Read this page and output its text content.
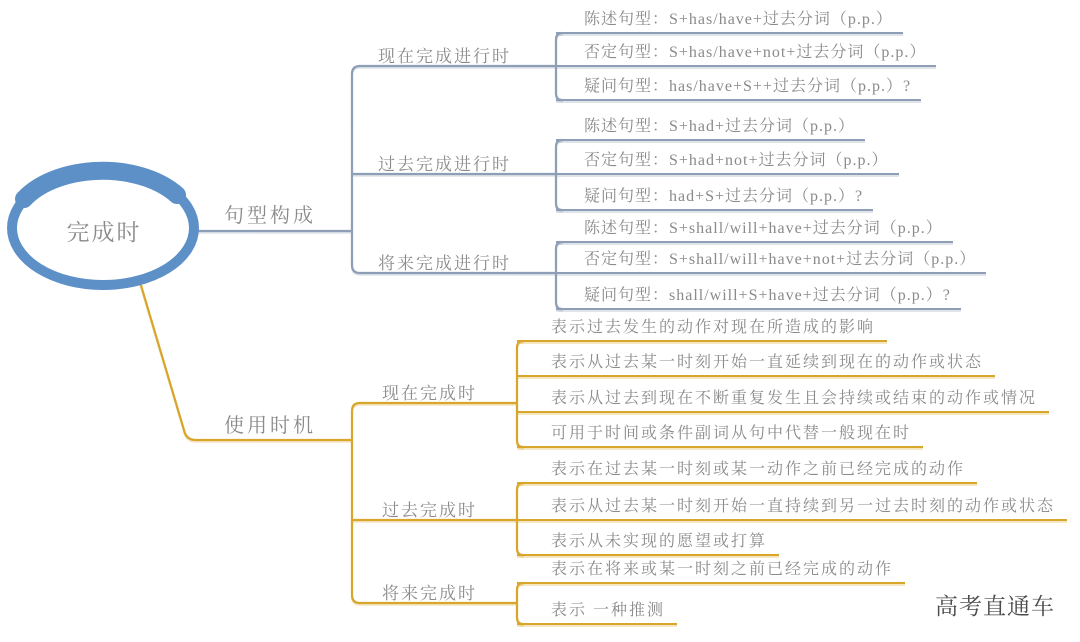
完成时
句型构成
使用时机
现在完成进行时
过去完成进行时
将来完成进行时
陈述句型：S+has/have+过去分词（p.p.）
否定句型：S+has/have+not+过去分词（p.p.）
疑问句型：has/have+S++过去分词（p.p.）?
陈述句型：S+had+过去分词（p.p.）
否定句型：S+had+not+过去分词（p.p.）
疑问句型：had+S+过去分词（p.p.）?
陈述句型：S+shall/will+have+过去分词（p.p.）
否定句型：S+shall/will+have+not+过去分词（p.p.）
疑问句型：shall/will+S+have+过去分词（p.p.）?
现在完成时
过去完成时
将来完成时
表示过去发生的动作对现在所造成的影响
表示从过去某一时刻开始一直延续到现在的动作或状态
表示从过去到现在不断重复发生且会持续或结束的动作或情况
可用于时间或条件副词从句中代替一般现在时
表示在过去某一时刻或某一动作之前已经完成的动作
表示从过去某一时刻开始一直持续到另一过去时刻的动作或状态
表示从未实现的愿望或打算
表示在将来或某一时刻之前已经完成的动作
表示 一种推测	高考直通车
